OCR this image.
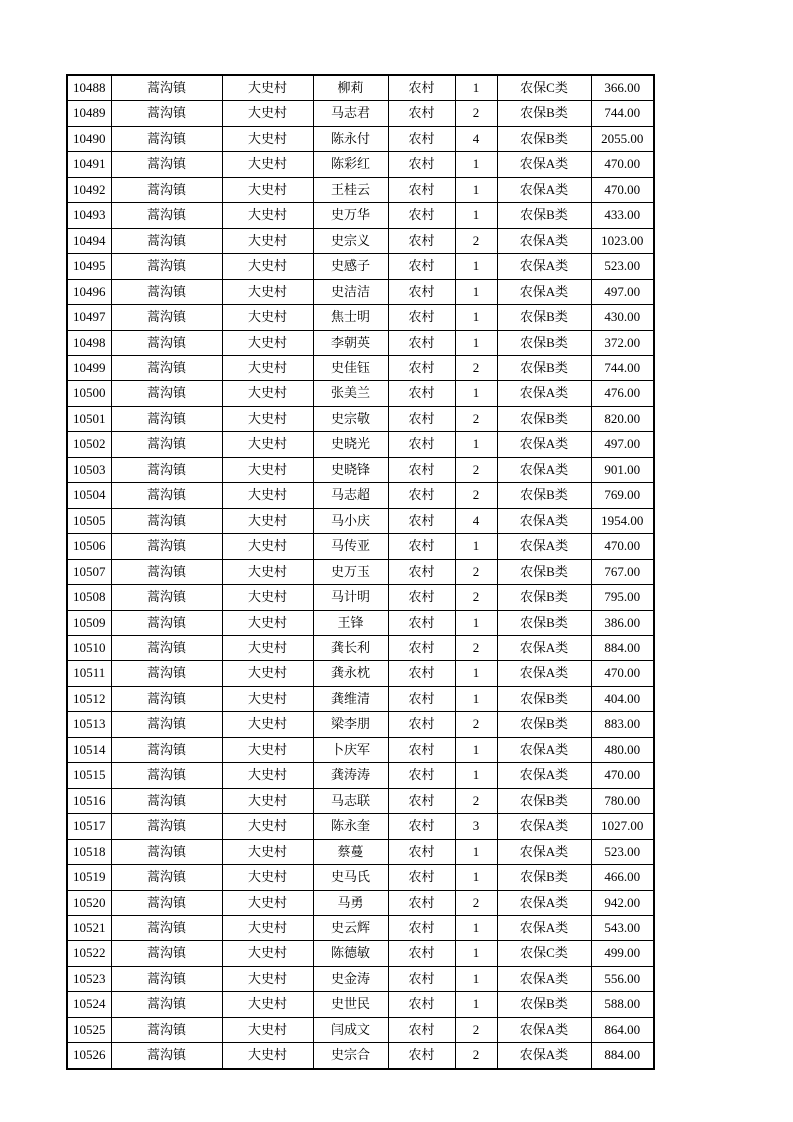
10488	蒿沟镇	大史村	柳莉	农村	1	农保C类	366.00
10489	蒿沟镇	大史村	马志君	农村	2	农保B类	744.00
10490	蒿沟镇	大史村	陈永付	农村	4	农保B类	2055.00
10491	蒿沟镇	大史村	陈彩红	农村	1	农保A类	470.00
10492	蒿沟镇	大史村	王桂云	农村	1	农保A类	470.00
10493	蒿沟镇	大史村	史万华	农村	1	农保B类	433.00
10494	蒿沟镇	大史村	史宗义	农村	2	农保A类	1023.00
10495	蒿沟镇	大史村	史感子	农村	1	农保A类	523.00
10496	蒿沟镇	大史村	史洁洁	农村	1	农保A类	497.00
10497	蒿沟镇	大史村	焦士明	农村	1	农保B类	430.00
10498	蒿沟镇	大史村	李朝英	农村	1	农保B类	372.00
10499	蒿沟镇	大史村	史佳钰	农村	2	农保B类	744.00
10500	蒿沟镇	大史村	张美兰	农村	1	农保A类	476.00
10501	蒿沟镇	大史村	史宗敬	农村	2	农保B类	820.00
10502	蒿沟镇	大史村	史晓光	农村	1	农保A类	497.00
10503	蒿沟镇	大史村	史晓锋	农村	2	农保A类	901.00
10504	蒿沟镇	大史村	马志超	农村	2	农保B类	769.00
10505	蒿沟镇	大史村	马小庆	农村	4	农保A类	1954.00
10506	蒿沟镇	大史村	马传亚	农村	1	农保A类	470.00
10507	蒿沟镇	大史村	史万玉	农村	2	农保B类	767.00
10508	蒿沟镇	大史村	马计明	农村	2	农保B类	795.00
10509	蒿沟镇	大史村	王锋	农村	1	农保B类	386.00
10510	蒿沟镇	大史村	龚长利	农村	2	农保A类	884.00
10511	蒿沟镇	大史村	龚永枕	农村	1	农保A类	470.00
10512	蒿沟镇	大史村	龚维清	农村	1	农保B类	404.00
10513	蒿沟镇	大史村	梁李朋	农村	2	农保B类	883.00
10514	蒿沟镇	大史村	卜庆军	农村	1	农保A类	480.00
10515	蒿沟镇	大史村	龚涛涛	农村	1	农保A类	470.00
10516	蒿沟镇	大史村	马志联	农村	2	农保B类	780.00
10517	蒿沟镇	大史村	陈永奎	农村	3	农保A类	1027.00
10518	蒿沟镇	大史村	蔡蔓	农村	1	农保A类	523.00
10519	蒿沟镇	大史村	史马氏	农村	1	农保B类	466.00
10520	蒿沟镇	大史村	马勇	农村	2	农保A类	942.00
10521	蒿沟镇	大史村	史云辉	农村	1	农保A类	543.00
10522	蒿沟镇	大史村	陈德敏	农村	1	农保C类	499.00
10523	蒿沟镇	大史村	史金涛	农村	1	农保A类	556.00
10524	蒿沟镇	大史村	史世民	农村	1	农保B类	588.00
10525	蒿沟镇	大史村	闫成文	农村	2	农保A类	864.00
10526	蒿沟镇	大史村	史宗合	农村	2	农保A类	884.00
